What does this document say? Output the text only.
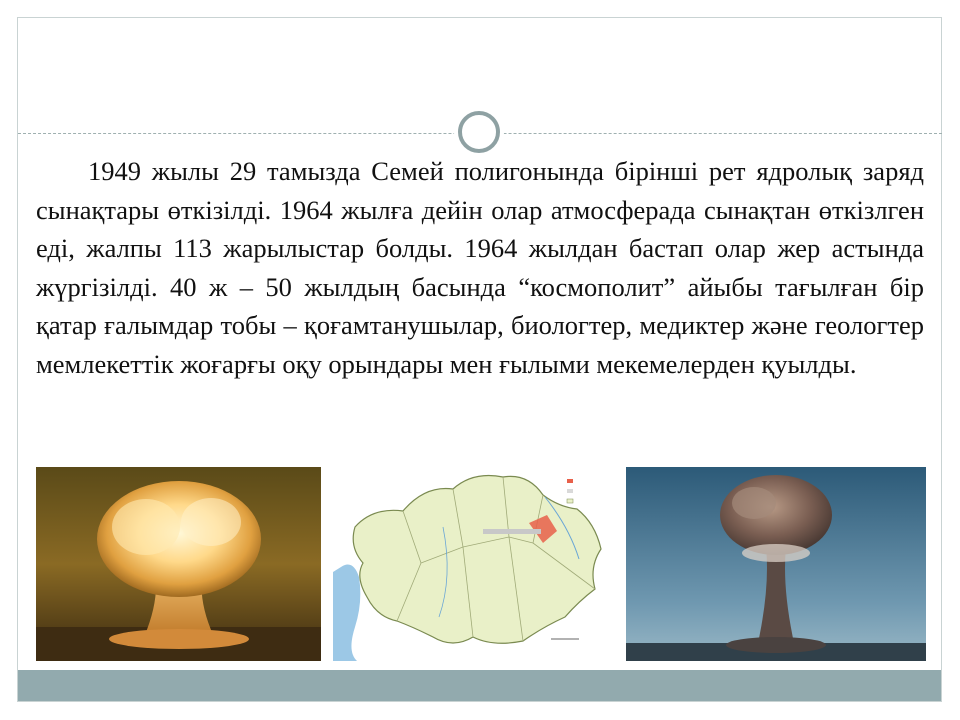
1949 жылы 29 тамызда Семей полигонында бірінші рет ядролық заряд сынақтары өткізілді. 1964 жылға дейін олар атмосферада сынақтан өткізлген еді, жалпы 113 жарылыстар болды. 1964 жылдан бастап олар жер астында жүргізілді. 40 ж – 50 жылдың басында “космополит” айыбы тағылған бір қатар ғалымдар тобы – қоғамтанушылар, биологтер, медиктер және геологтер мемлекеттік жоғарғы оқу орындары мен ғылыми мекемелерден қуылды.
